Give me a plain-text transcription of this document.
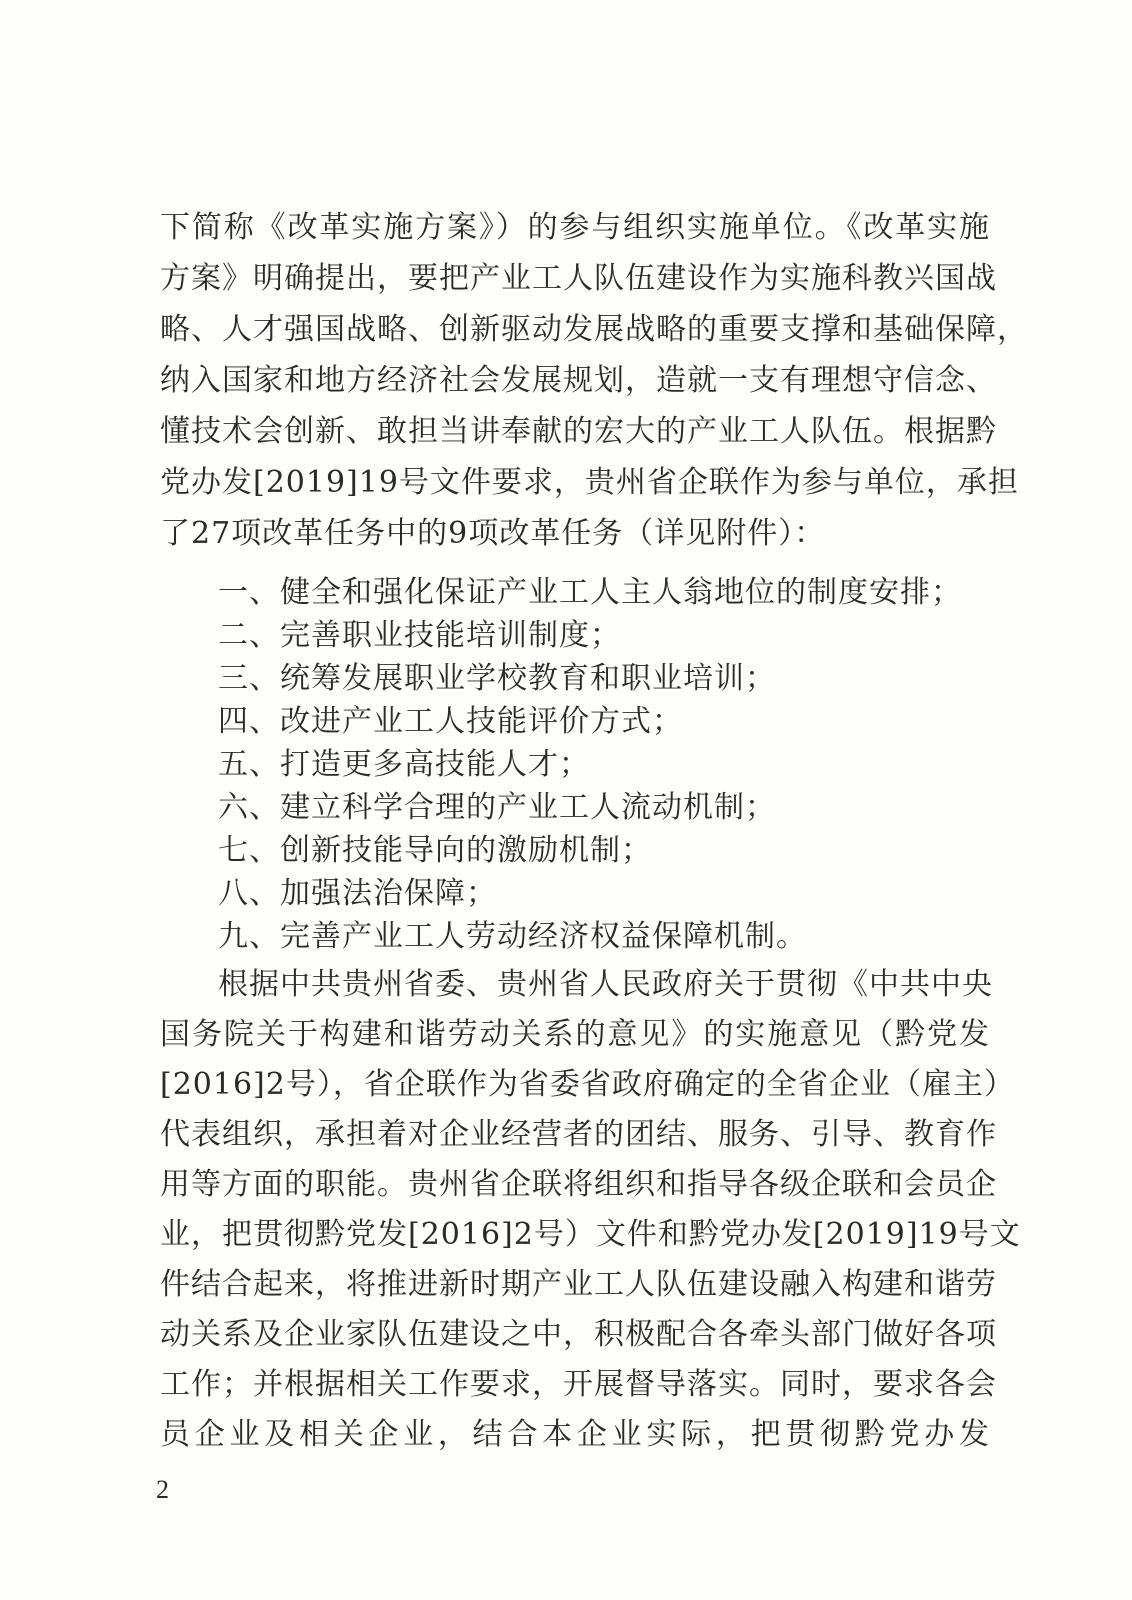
下简称《改革实施方案》）的参与组织实施单位。《改革实施
方案》明确提出，要把产业工人队伍建设作为实施科教兴国战
略、人才强国战略、创新驱动发展战略的重要支撑和基础保障，
纳入国家和地方经济社会发展规划，造就一支有理想守信念、
懂技术会创新、敢担当讲奉献的宏大的产业工人队伍。根据黔
党办发[2019]19号文件要求，贵州省企联作为参与单位，承担
了27项改革任务中的9项改革任务（详见附件）：
一、健全和强化保证产业工人主人翁地位的制度安排；
二、完善职业技能培训制度；
三、统筹发展职业学校教育和职业培训；
四、改进产业工人技能评价方式；
五、打造更多高技能人才；
六、建立科学合理的产业工人流动机制；
七、创新技能导向的激励机制；
八、加强法治保障；
九、完善产业工人劳动经济权益保障机制。
根据中共贵州省委、贵州省人民政府关于贯彻《中共中央
国务院关于构建和谐劳动关系的意见》的实施意见（黔党发
[2016]2号），省企联作为省委省政府确定的全省企业（雇主）
代表组织，承担着对企业经营者的团结、服务、引导、教育作
用等方面的职能。贵州省企联将组织和指导各级企联和会员企
业，把贯彻黔党发[2016]2号）文件和黔党办发[2019]19号文
件结合起来，将推进新时期产业工人队伍建设融入构建和谐劳
动关系及企业家队伍建设之中，积极配合各牵头部门做好各项
工作；并根据相关工作要求，开展督导落实。同时，要求各会
员企业及相关企业，结合本企业实际，把贯彻黔党办发
2
